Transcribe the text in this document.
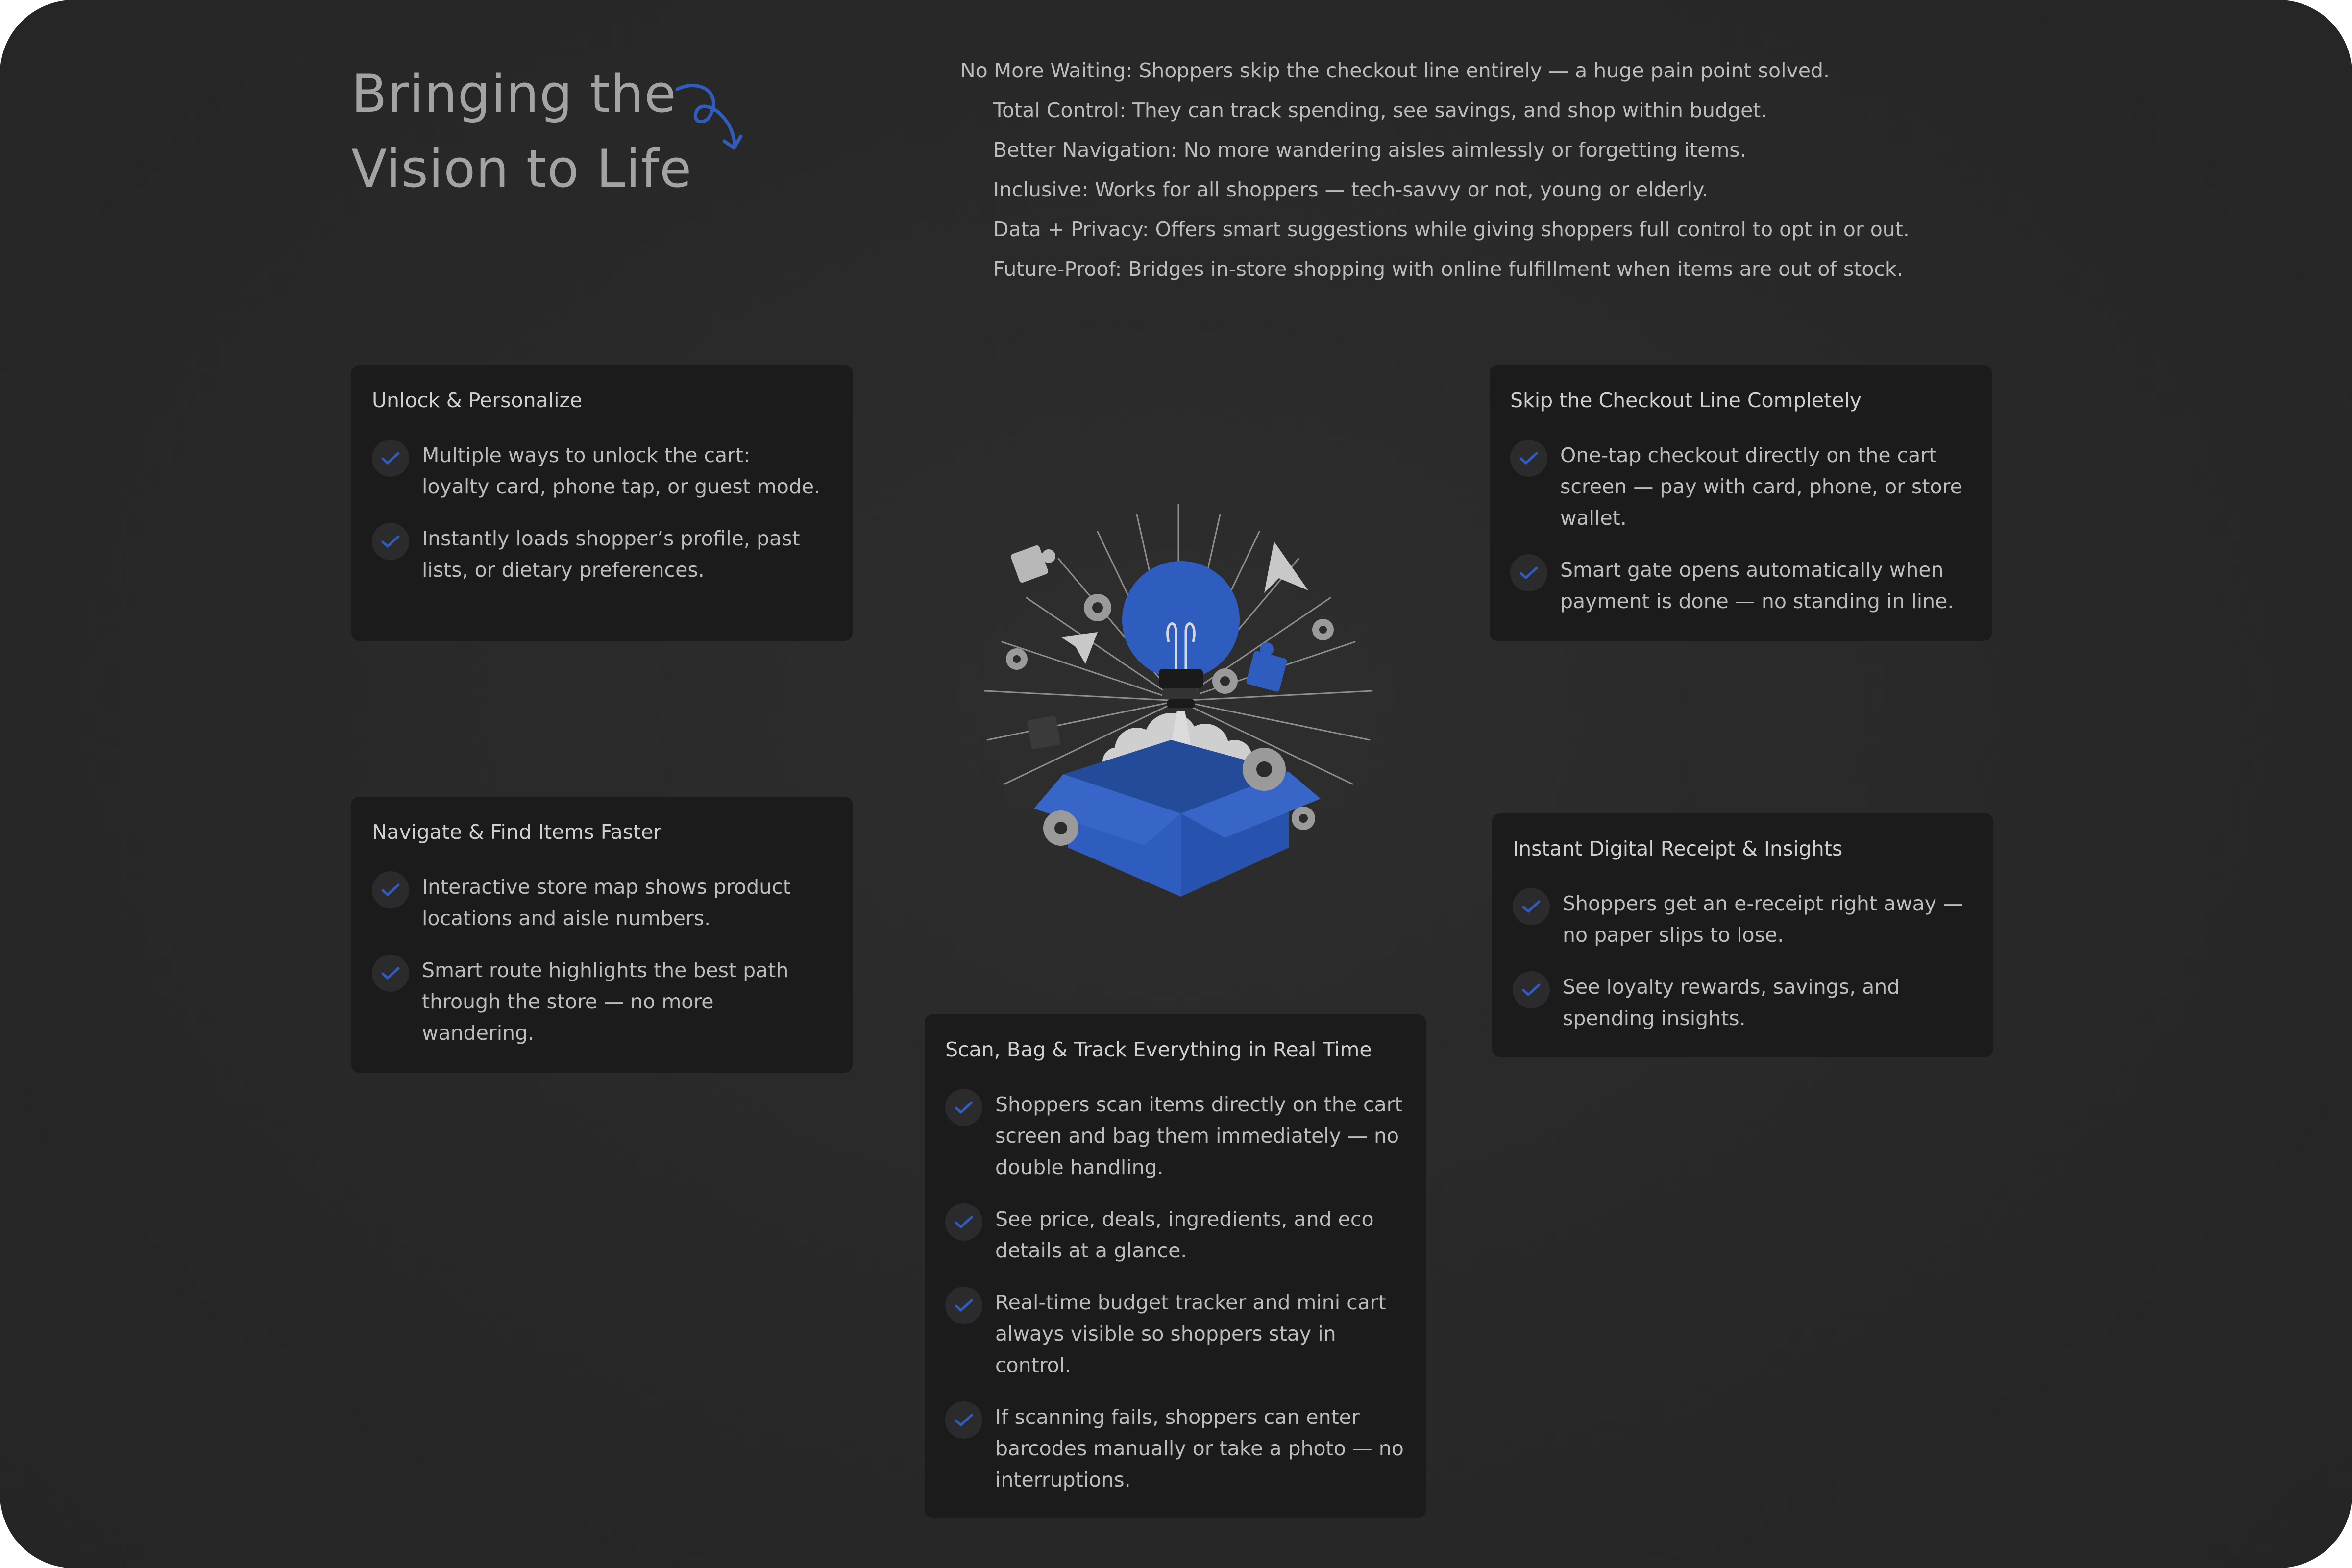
Bringing the
Vision to Life
No More Waiting: Shoppers skip the checkout line entirely — a huge pain point solved.
Total Control: They can track spending, see savings, and shop within budget.
Better Navigation: No more wandering aisles aimlessly or forgetting items.
Inclusive: Works for all shoppers — tech-savvy or not, young or elderly.
Data + Privacy: Offers smart suggestions while giving shoppers full control to opt in or out.
Future-Proof: Bridges in-store shopping with online fulfillment when items are out of stock.
Unlock & Personalize
Multiple ways to unlock the cart: loyalty card, phone tap, or guest mode.
Instantly loads shopper’s profile, past lists, or dietary preferences.
Skip the Checkout Line Completely
One-tap checkout directly on the cart screen — pay with card, phone, or store wallet.
Smart gate opens automatically when payment is done — no standing in line.
Navigate & Find Items Faster
Interactive store map shows product locations and aisle numbers.
Smart route highlights the best path through the store — no more wandering.
Instant Digital Receipt & Insights
Shoppers get an e-receipt right away — no paper slips to lose.
See loyalty rewards, savings, and spending insights.
Scan, Bag & Track Everything in Real Time
Shoppers scan items directly on the cart screen and bag them immediately — no double handling.
See price, deals, ingredients, and eco details at a glance.
Real-time budget tracker and mini cart always visible so shoppers stay in control.
If scanning fails, shoppers can enter barcodes manually or take a photo — no interruptions.
